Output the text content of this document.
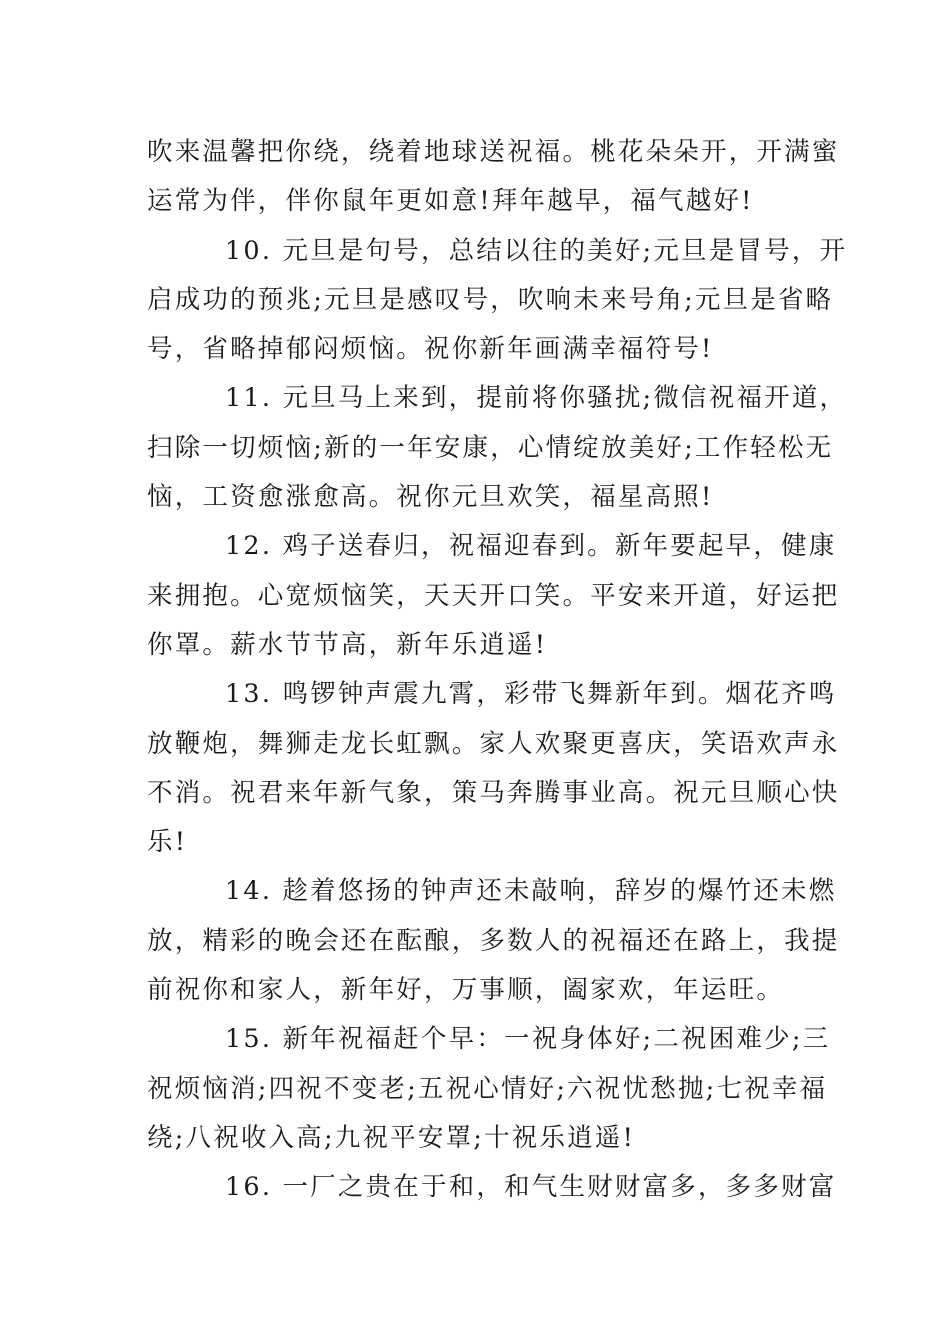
吹来温馨把你绕，绕着地球送祝福。桃花朵朵开，开满蜜
运常为伴，伴你鼠年更如意!拜年越早，福气越好!
10. 元旦是句号，总结以往的美好;元旦是冒号，开
启成功的预兆;元旦是感叹号，吹响未来号角;元旦是省略
号，省略掉郁闷烦恼。祝你新年画满幸福符号!
11. 元旦马上来到，提前将你骚扰;微信祝福开道，
扫除一切烦恼;新的一年安康，心情绽放美好;工作轻松无
恼，工资愈涨愈高。祝你元旦欢笑，福星高照!
12. 鸡子送春归，祝福迎春到。新年要起早，健康
来拥抱。心宽烦恼笑，天天开口笑。平安来开道，好运把
你罩。薪水节节高，新年乐逍遥!
13. 鸣锣钟声震九霄，彩带飞舞新年到。烟花齐鸣
放鞭炮，舞狮走龙长虹飘。家人欢聚更喜庆，笑语欢声永
不消。祝君来年新气象，策马奔腾事业高。祝元旦顺心快
乐!
14. 趁着悠扬的钟声还未敲响，辞岁的爆竹还未燃
放，精彩的晚会还在酝酿，多数人的祝福还在路上，我提
前祝你和家人，新年好，万事顺，阖家欢，年运旺。
15. 新年祝福赶个早：一祝身体好;二祝困难少;三
祝烦恼消;四祝不变老;五祝心情好;六祝忧愁抛;七祝幸福
绕;八祝收入高;九祝平安罩;十祝乐逍遥!
16. 一厂之贵在于和，和气生财财富多，多多财富
